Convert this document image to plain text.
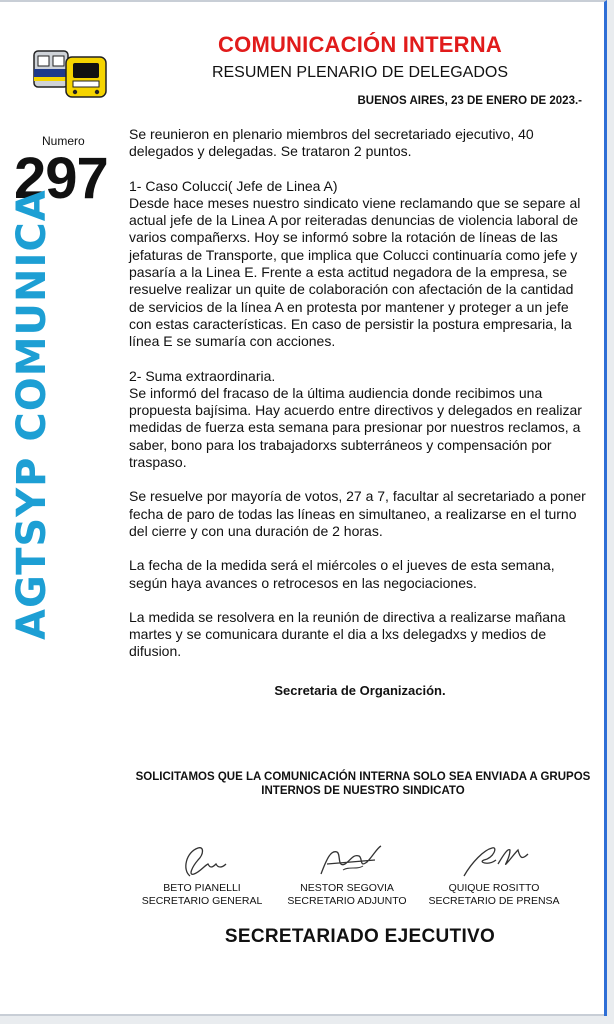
COMUNICACIÓN INTERNA
RESUMEN PLENARIO DE DELEGADOS
BUENOS AIRES, 23 DE ENERO DE 2023.-
Numero
297
AGTSYP COMUNICA

Se reunieron en plenario miembros del secretariado ejecutivo, 40 delegados y delegadas. Se trataron 2 puntos.

1- Caso Colucci( Jefe de Linea A)
Desde hace meses nuestro sindicato viene reclamando que se separe al actual jefe de la Linea A por reiteradas denuncias de violencia laboral de varios compañerxs. Hoy se informó sobre la rotación de líneas de las jefaturas de Transporte, que implica que Colucci continuaría como jefe y pasaría a la Linea E. Frente a esta actitud negadora de la empresa, se resuelve realizar un quite de colaboración con afectación de la cantidad de servicios de la línea A en protesta por mantener y proteger a un jefe con estas características. En caso de persistir la postura empresaria, la línea E se sumaría con acciones.

2- Suma extraordinaria.
Se informó del fracaso de la última audiencia donde recibimos una propuesta bajísima. Hay acuerdo entre directivos y delegados en realizar medidas de fuerza esta semana para presionar por nuestros reclamos, a saber, bono para los trabajadorxs subterráneos y compensación por traspaso.

Se resuelve por mayoría de votos, 27 a 7, facultar al secretariado a poner fecha de paro de todas las líneas en simultaneo, a realizarse en el turno del cierre y con una duración de 2 horas.

La fecha de la medida será el miércoles o el jueves de esta semana, según haya avances o retrocesos en las negociaciones.

La medida se resolvera en la reunión de directiva a realizarse mañana martes y se comunicara durante el dia a lxs delegadxs y medios de difusion.

Secretaria de Organización.
SOLICITAMOS QUE LA COMUNICACIÓN INTERNA SOLO SEA ENVIADA A GRUPOS INTERNOS DE NUESTRO SINDICATO
BETO PIANELLI
SECRETARIO GENERAL
NESTOR SEGOVIA
SECRETARIO ADJUNTO
QUIQUE ROSITTO
SECRETARIO DE PRENSA
SECRETARIADO EJECUTIVO
